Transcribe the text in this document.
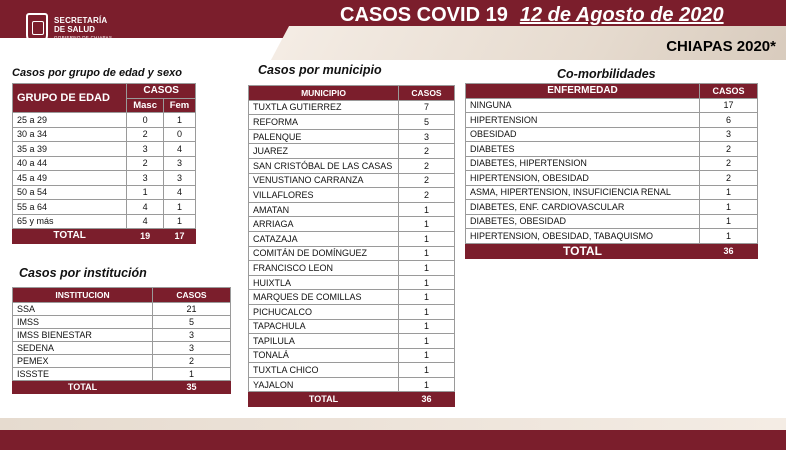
SECRETARÍA
DE SALUD
GOBIERNO DE CHIAPAS
CASOS COVID 19 12 de Agosto de 2020
CHIAPAS 2020*
Casos por grupo de edad y sexo
GRUPO DE EDAD	CASOS	
	Masc	Fem
25 a 29	0	1
30 a 34	2	0
35 a 39	3	4
40 a 44	2	3
45 a 49	3	3
50 a 54	1	4
55 a 64	4	1
65 y más	4	1
TOTAL	19	17
Casos por institución
INSTITUCION	CASOS
SSA	21
IMSS	5
IMSS BIENESTAR	3
SEDENA	3
PEMEX	2
ISSSTE	1
TOTAL	35
Casos por municipio
MUNICIPIO	CASOS
TUXTLA GUTIERREZ	7
REFORMA	5
PALENQUE	3
JUAREZ	2
SAN CRISTÓBAL DE LAS CASAS	2
VENUSTIANO CARRANZA	2
VILLAFLORES	2
AMATAN	1
ARRIAGA	1
CATAZAJA	1
COMITÁN DE DOMÍNGUEZ	1
FRANCISCO LEON	1
HUIXTLA	1
MARQUES DE COMILLAS	1
PICHUCALCO	1
TAPACHULA	1
TAPILULA	1
TONALÁ	1
TUXTLA CHICO	1
YAJALON	1
TOTAL	36
Co-morbilidades
ENFERMEDAD	CASOS
NINGUNA	17
HIPERTENSION	6
OBESIDAD	3
DIABETES	2
DIABETES, HIPERTENSION	2
HIPERTENSION, OBESIDAD	2
ASMA, HIPERTENSION, INSUFICIENCIA RENAL	1
DIABETES, ENF. CARDIOVASCULAR	1
DIABETES, OBESIDAD	1
HIPERTENSION, OBESIDAD, TABAQUISMO	1
TOTAL	36
